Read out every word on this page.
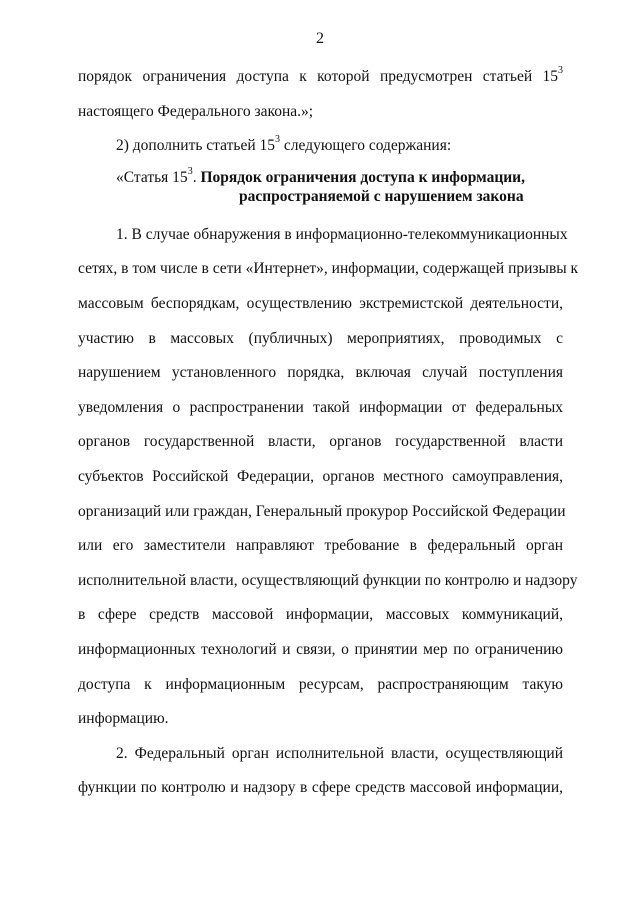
2
порядок ограничения доступа к которой предусмотрен статьей $15^3$
настоящего Федерального закона.»;
2) дополнить статьей $15^3$ следующего содержания:
«Статья $15^3$. Порядок ограничения доступа к информации,
распространяемой с нарушением закона
1. В случае обнаружения в информационно-телекоммуникационных
сетях, в том числе в сети «Интернет», информации, содержащей призывы к
массовым беспорядкам, осуществлению экстремистской деятельности,
участию в массовых (публичных) мероприятиях, проводимых с
нарушением установленного порядка, включая случай поступления
уведомления о распространении такой информации от федеральных
органов государственной власти, органов государственной власти
субъектов Российской Федерации, органов местного самоуправления,
организаций или граждан, Генеральный прокурор Российской Федерации
или его заместители направляют требование в федеральный орган
исполнительной власти, осуществляющий функции по контролю и надзору
в сфере средств массовой информации, массовых коммуникаций,
информационных технологий и связи, о принятии мер по ограничению
доступа к информационным ресурсам, распространяющим такую
информацию.
2. Федеральный орган исполнительной власти, осуществляющий
функции по контролю и надзору в сфере средств массовой информации,
